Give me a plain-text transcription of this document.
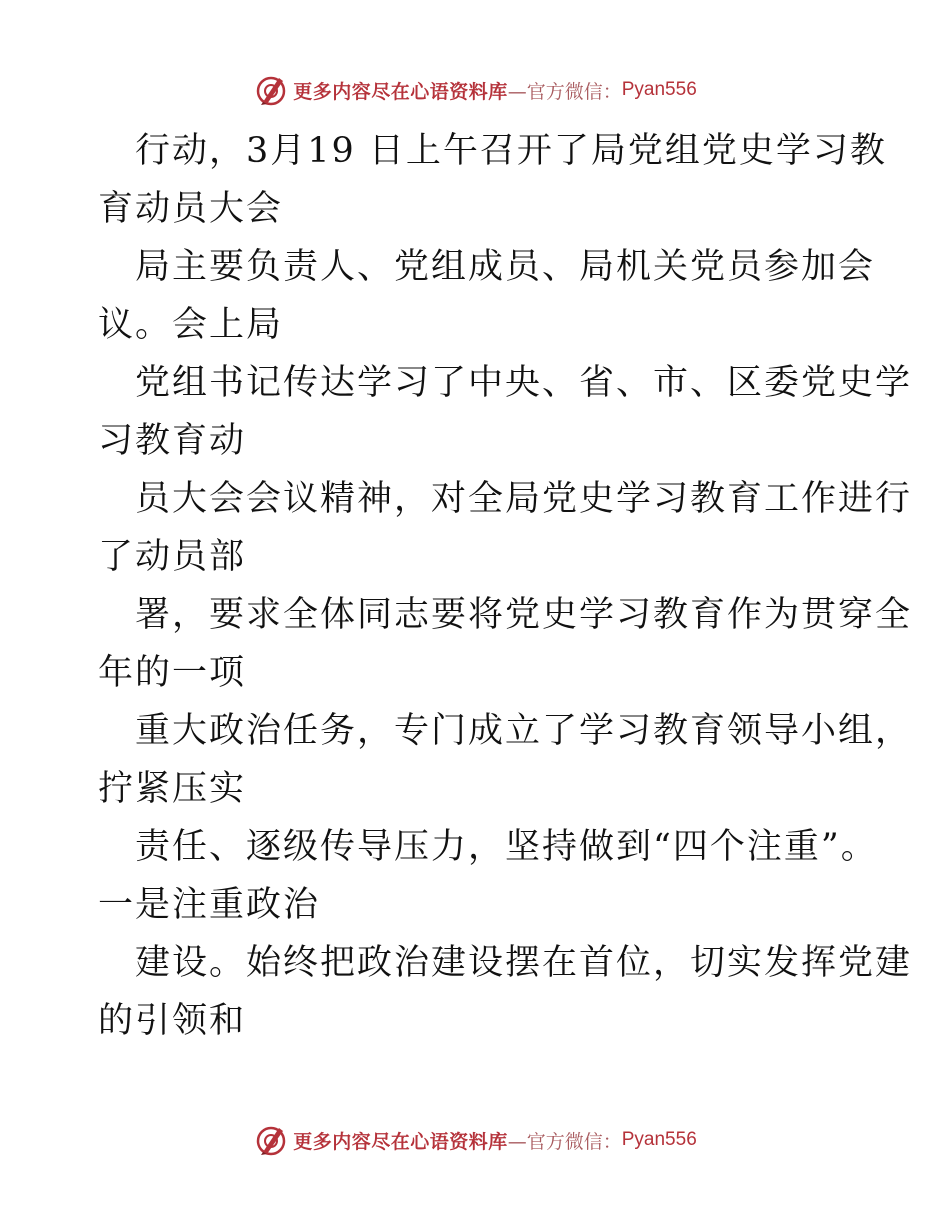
更多内容尽在心语资料库 —官方微信： Pyan556
行动，3月19 日上午召开了局党组党史学习教
育动员大会
局主要负责人、党组成员、局机关党员参加会
议。会上局
党组书记传达学习了中央、省、市、区委党史学
习教育动
员大会会议精神，对全局党史学习教育工作进行
了动员部
署，要求全体同志要将党史学习教育作为贯穿全
年的一项
重大政治任务，专门成立了学习教育领导小组，
拧紧压实
责任、逐级传导压力，坚持做到“四个注重”。
一是注重政治
建设。始终把政治建设摆在首位，切实发挥党建
的引领和
更多内容尽在心语资料库 —官方微信： Pyan556
